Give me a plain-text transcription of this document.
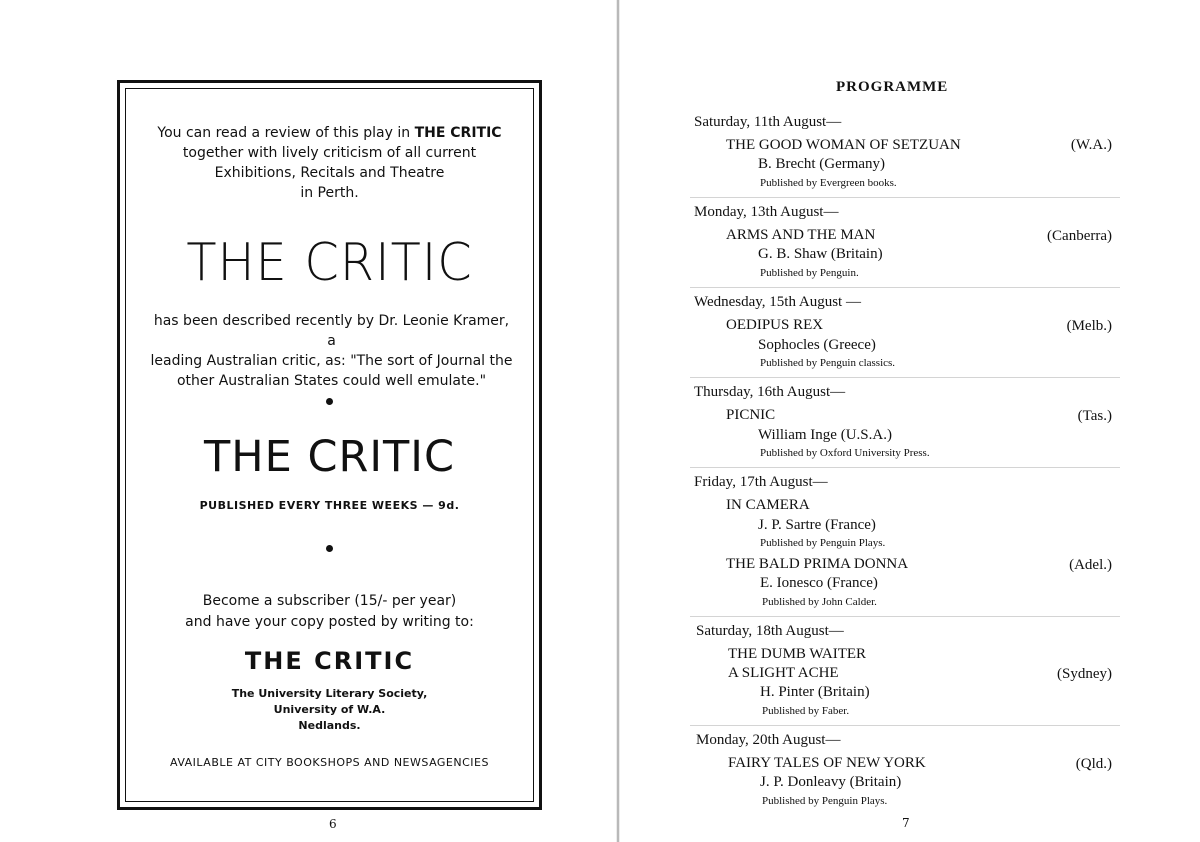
You can read a review of this play in THE CRITIC
together with lively criticism of all current
Exhibitions, Recitals and Theatre
in Perth.
THE CRITIC
has been described recently by Dr. Leonie Kramer, a
leading Australian critic, as: "The sort of Journal the
other Australian States could well emulate."
THE CRITIC
PUBLISHED EVERY THREE WEEKS — 9d.
Become a subscriber (15/- per year)
and have your copy posted by writing to:
THE CRITIC
The University Literary Society,
University of W.A.
Nedlands.
AVAILABLE AT CITY BOOKSHOPS AND NEWSAGENCIES
6
PROGRAMME
Saturday, 11th August—
THE GOOD WOMAN OF SETZUAN	(W.A.)
B. Brecht (Germany)
Published by Evergreen books.
Monday, 13th August—
ARMS AND THE MAN	(Canberra)
G. B. Shaw (Britain)
Published by Penguin.
Wednesday, 15th August —
OEDIPUS REX	(Melb.)
Sophocles (Greece)
Published by Penguin classics.
Thursday, 16th August—
PICNIC	(Tas.)
William Inge (U.S.A.)
Published by Oxford University Press.
Friday, 17th August—
IN CAMERA
J. P. Sartre (France)
Published by Penguin Plays.
THE BALD PRIMA DONNA	(Adel.)
E. Ionesco (France)
Published by John Calder.
Saturday, 18th August—
THE DUMB WAITER
A SLIGHT ACHE	(Sydney)
H. Pinter (Britain)
Published by Faber.
Monday, 20th August—
FAIRY TALES OF NEW YORK	(Qld.)
J. P. Donleavy (Britain)
Published by Penguin Plays.
7
